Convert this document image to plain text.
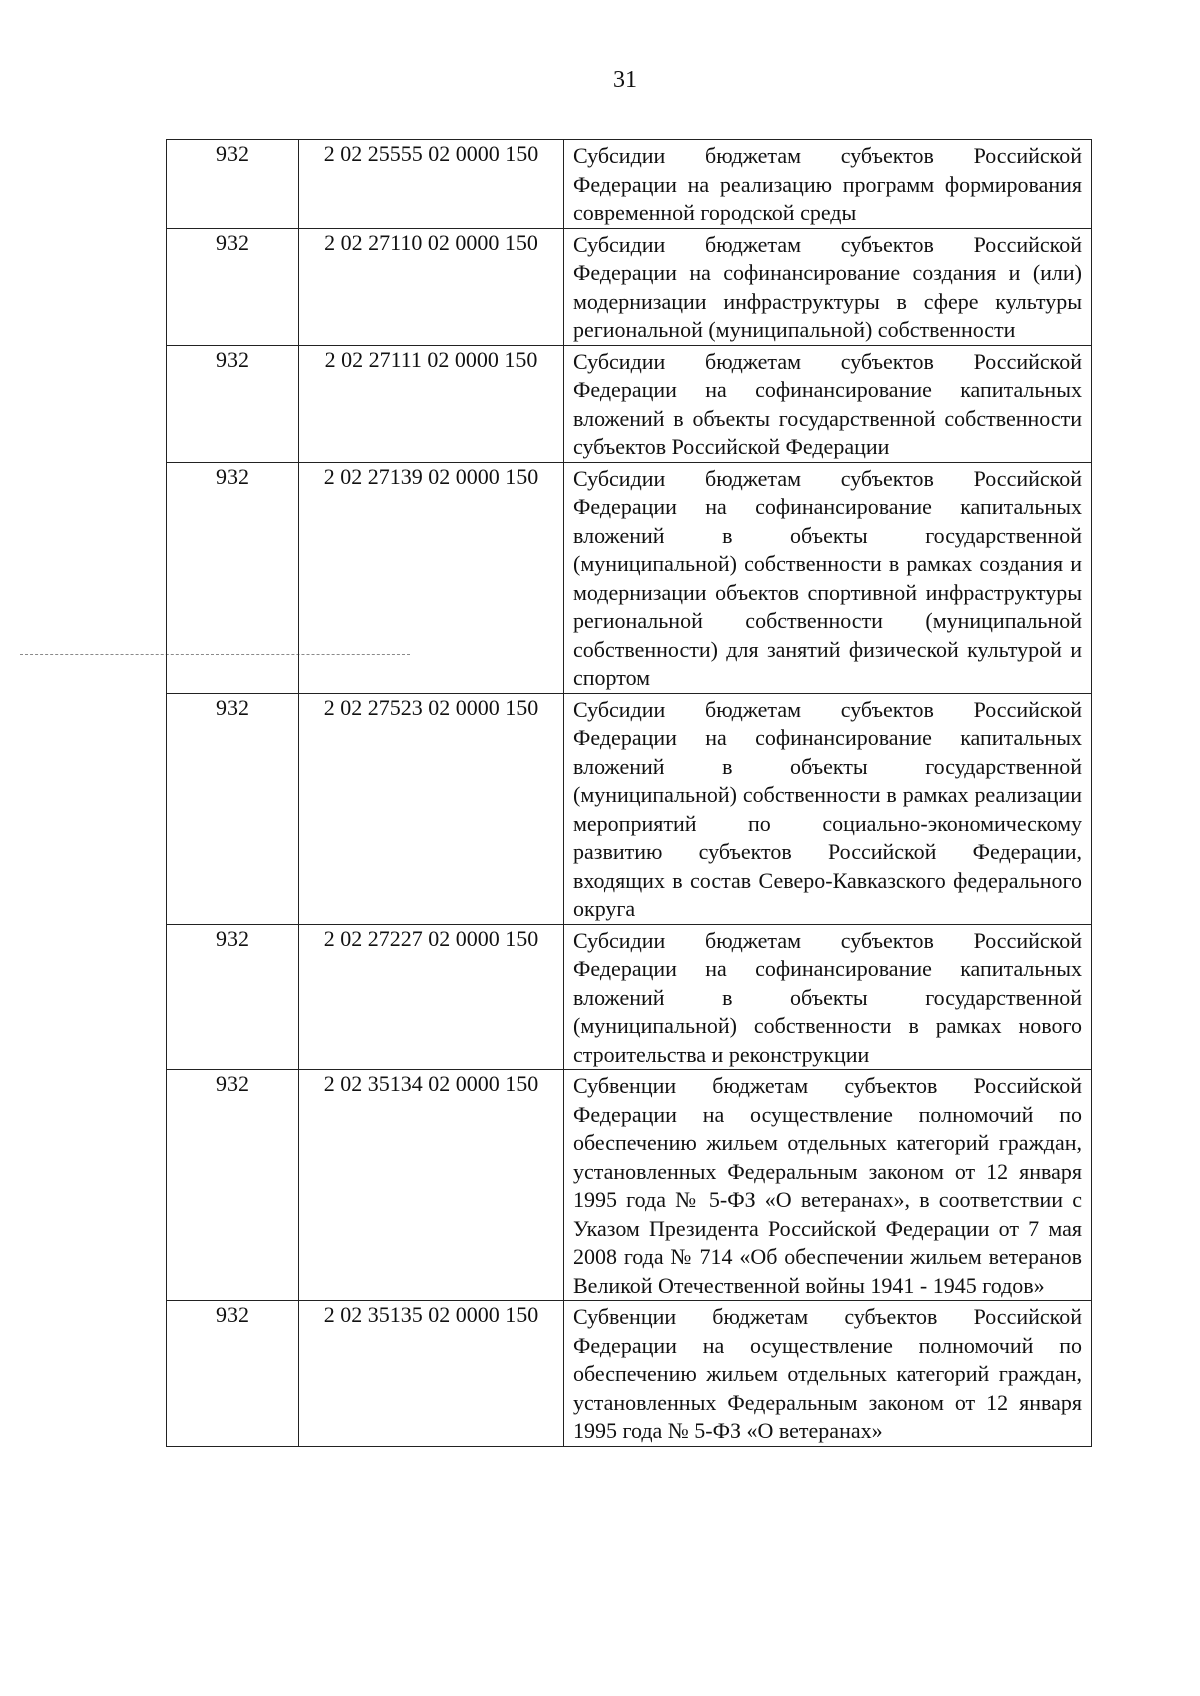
31
932	2 02 25555 02 0000 150	Субсидии бюджетам субъектов Российской Федерации на реализацию программ формирования современной городской среды

932	2 02 27110 02 0000 150	Субсидии бюджетам субъектов Российской Федерации на софинансирование создания и (или) модернизации инфраструктуры в сфере культуры региональной (муниципальной) собственности

932	2 02 27111 02 0000 150	Субсидии бюджетам субъектов Российской Федерации на софинансирование капитальных вложений в объекты государственной собственности субъектов Российской Федерации

932	2 02 27139 02 0000 150	Субсидии бюджетам субъектов Российской Федерации на софинансирование капитальных вложений в объекты государственной (муниципальной) собственности в рамках создания и модернизации объектов спортивной инфраструктуры региональной собственности (муниципальной собственности) для занятий физической культурой и спортом

932	2 02 27523 02 0000 150	Субсидии бюджетам субъектов Российской Федерации на софинансирование капитальных вложений в объекты государственной (муниципальной) собственности в рамках реализации мероприятий по социально-экономическому развитию субъектов Российской Федерации, входящих в состав Северо-Кавказского федерального округа

932	2 02 27227 02 0000 150	Субсидии бюджетам субъектов Российской Федерации на софинансирование капитальных вложений в объекты государственной (муниципальной) собственности в рамках нового строительства и реконструкции

932	2 02 35134 02 0000 150	Субвенции бюджетам субъектов Российской Федерации на осуществление полномочий по обеспечению жильем отдельных категорий граждан, установленных Федеральным законом от 12 января 1995 года № 5-ФЗ «О ветеранах», в соответствии с Указом Президента Российской Федерации от 7 мая 2008 года № 714 «Об обеспечении жильем ветеранов Великой Отечественной войны 1941 - 1945 годов»

932	2 02 35135 02 0000 150	Субвенции бюджетам субъектов Российской Федерации на осуществление полномочий по обеспечению жильем отдельных категорий граждан, установленных Федеральным законом от 12 января 1995 года № 5-ФЗ «О ветеранах»
